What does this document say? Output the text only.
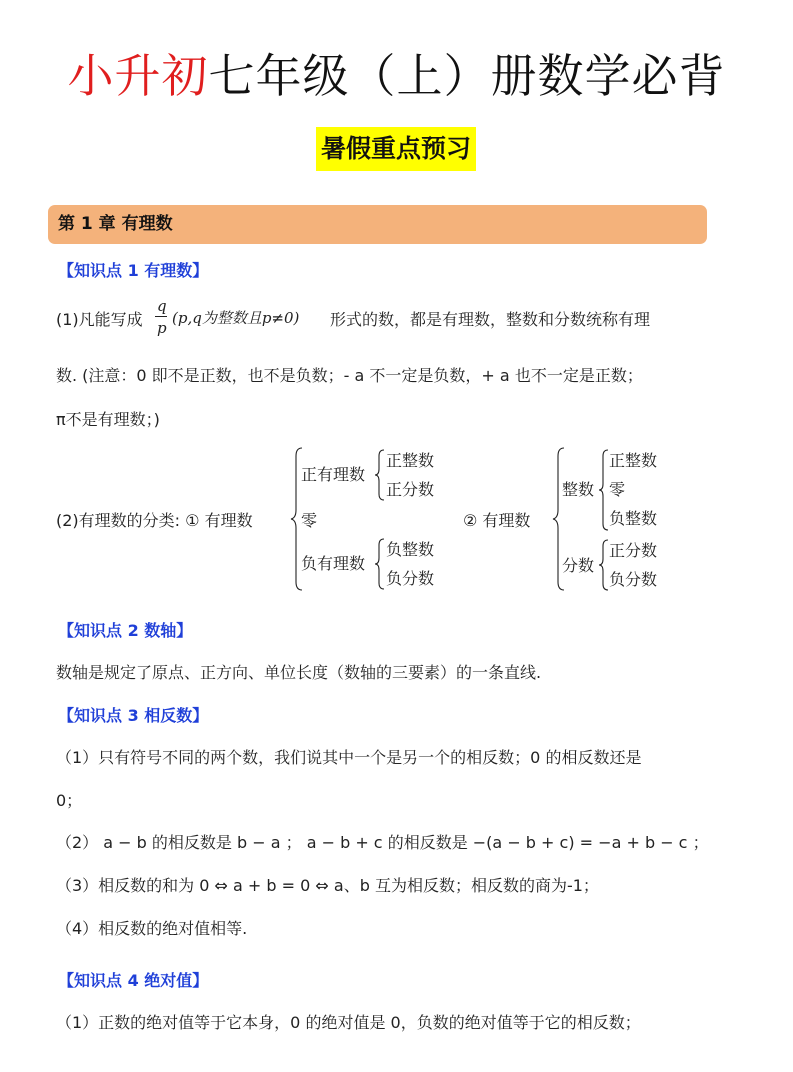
小升初七年级（上）册数学必背
暑假重点预习
第 1 章 有理数
【知识点 1 有理数】
(1)凡能写成
q
p
(p,q为整数且p≠0) 形式的数，都是有理数，整数和分数统称有理
数. (注意：0 即不是正数，也不是负数；- a 不一定是负数，+ a 也不一定是正数；
π不是有理数；)
(2)有理数的分类: ① 有理数
正有理数
正整数
正分数
零
负有理数
负整数
负分数
② 有理数
整数
正整数
零
负整数
分数
正分数
负分数
【知识点 2 数轴】
数轴是规定了原点、正方向、单位长度（数轴的三要素）的一条直线.
【知识点 3 相反数】
（1）只有符号不同的两个数，我们说其中一个是另一个的相反数；0 的相反数还是
0；
（2） a − b 的相反数是 b − a ； a − b + c 的相反数是 −(a − b + c) = −a + b − c ；
（3）相反数的和为 0 ⇔ a + b = 0 ⇔ a、b 互为相反数；相反数的商为-1；
（4）相反数的绝对值相等.
【知识点 4 绝对值】
（1）正数的绝对值等于它本身，0 的绝对值是 0，负数的绝对值等于它的相反数；
